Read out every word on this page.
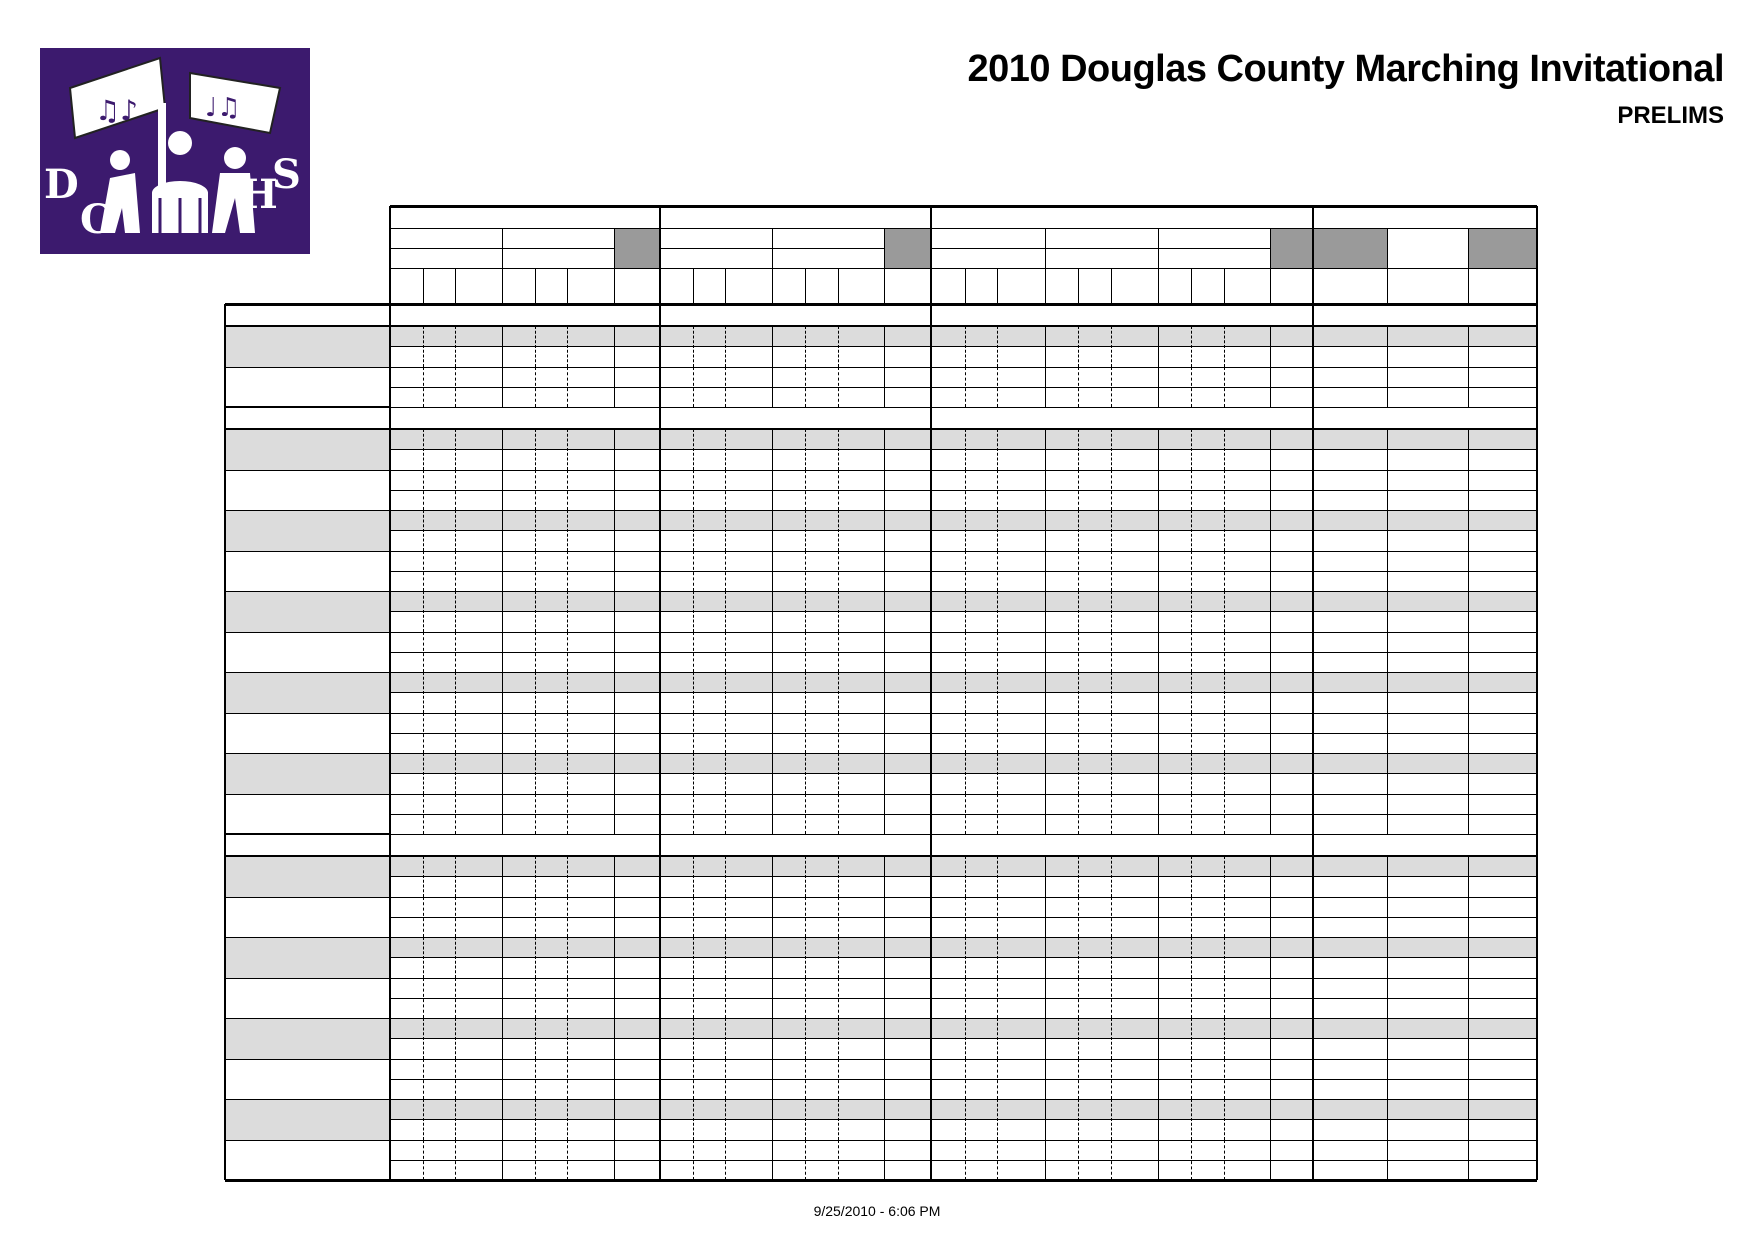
♫♪	♩♫
D
C
H
S
2010 Douglas County Marching Invitational
PRELIMS
9/25/2010 - 6:06 PM
